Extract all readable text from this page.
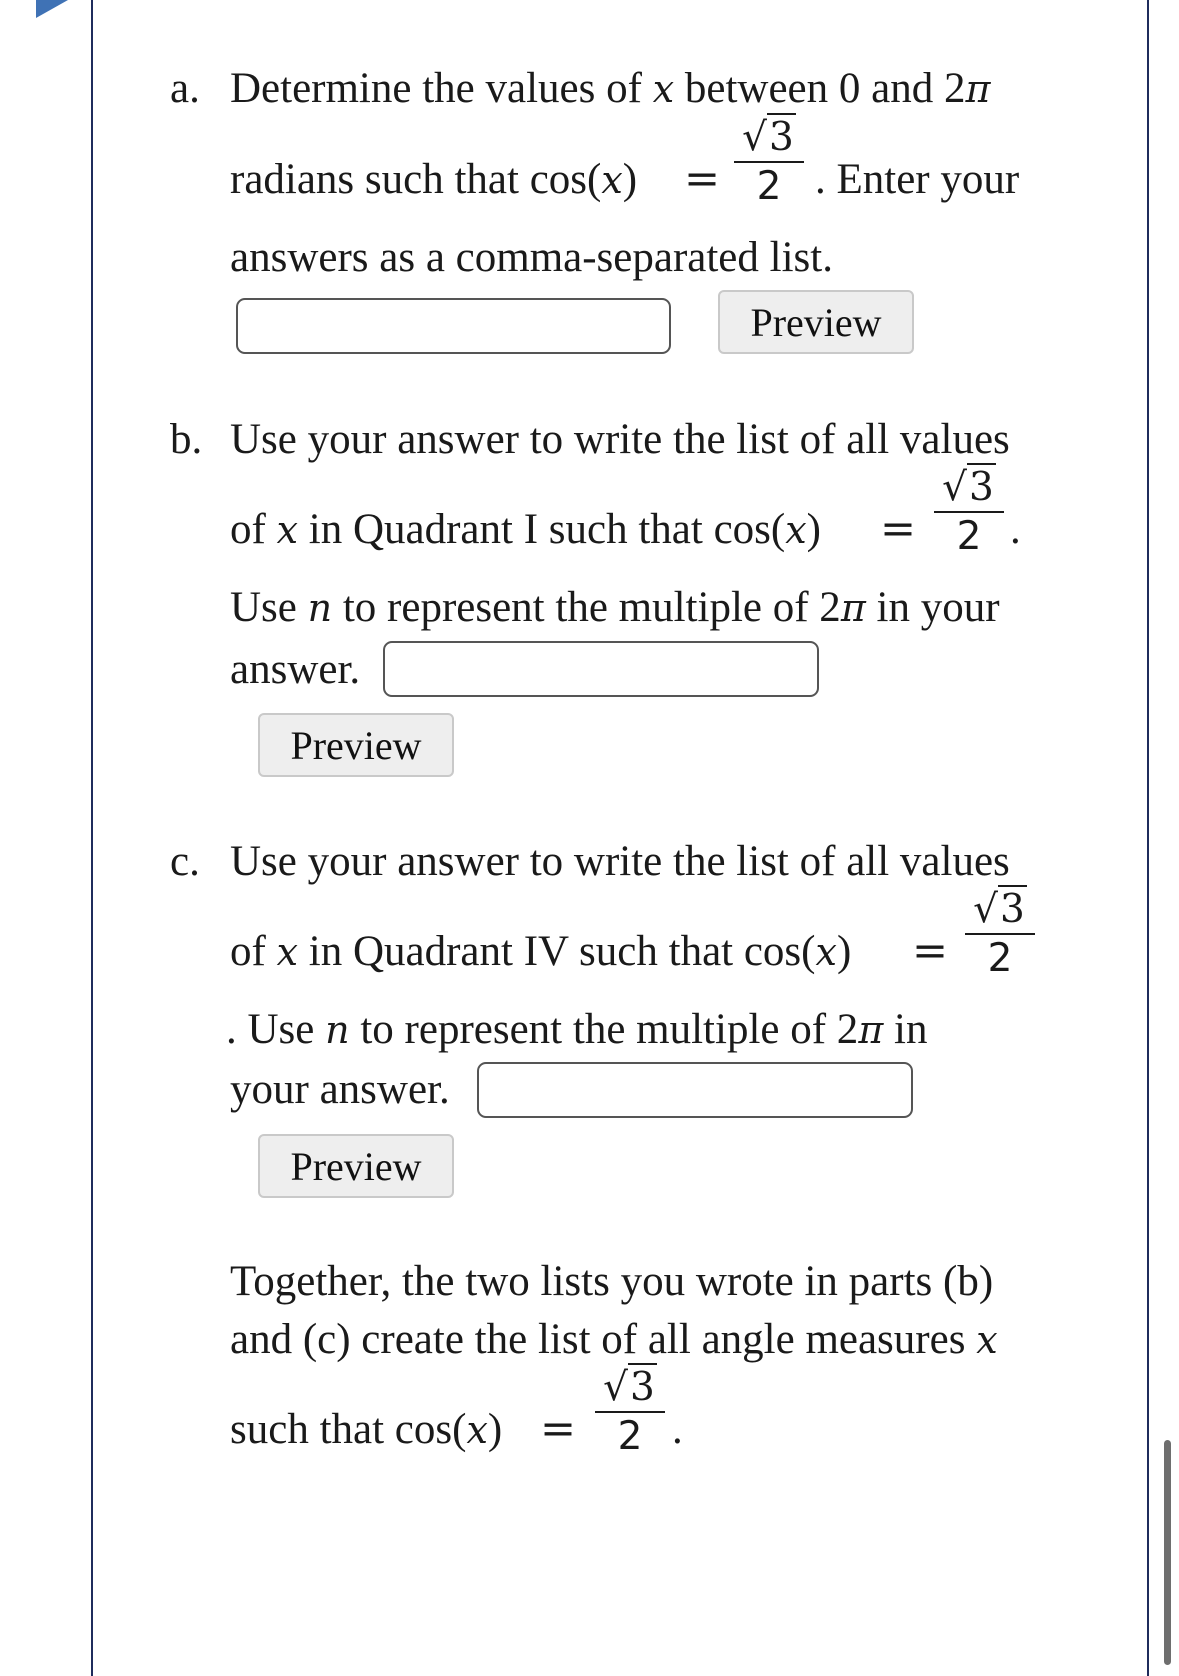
a. Determine the values of x between 0 and 2π
radians such that cos(x) =
√3
2 . Enter your
answers as a comma-separated list.
Preview
b. Use your answer to write the list of all values
of x in Quadrant I such that cos(x) =
√3
2 .
Use n to represent the multiple of 2π in your
answer.
Preview
c. Use your answer to write the list of all values
of x in Quadrant IV such that cos(x) =
√3
2
. Use n to represent the multiple of 2π in
your answer.
Preview
Together, the two lists you wrote in parts (b)
and (c) create the list of all angle measures x
such that cos(x) =
√3
2 .
